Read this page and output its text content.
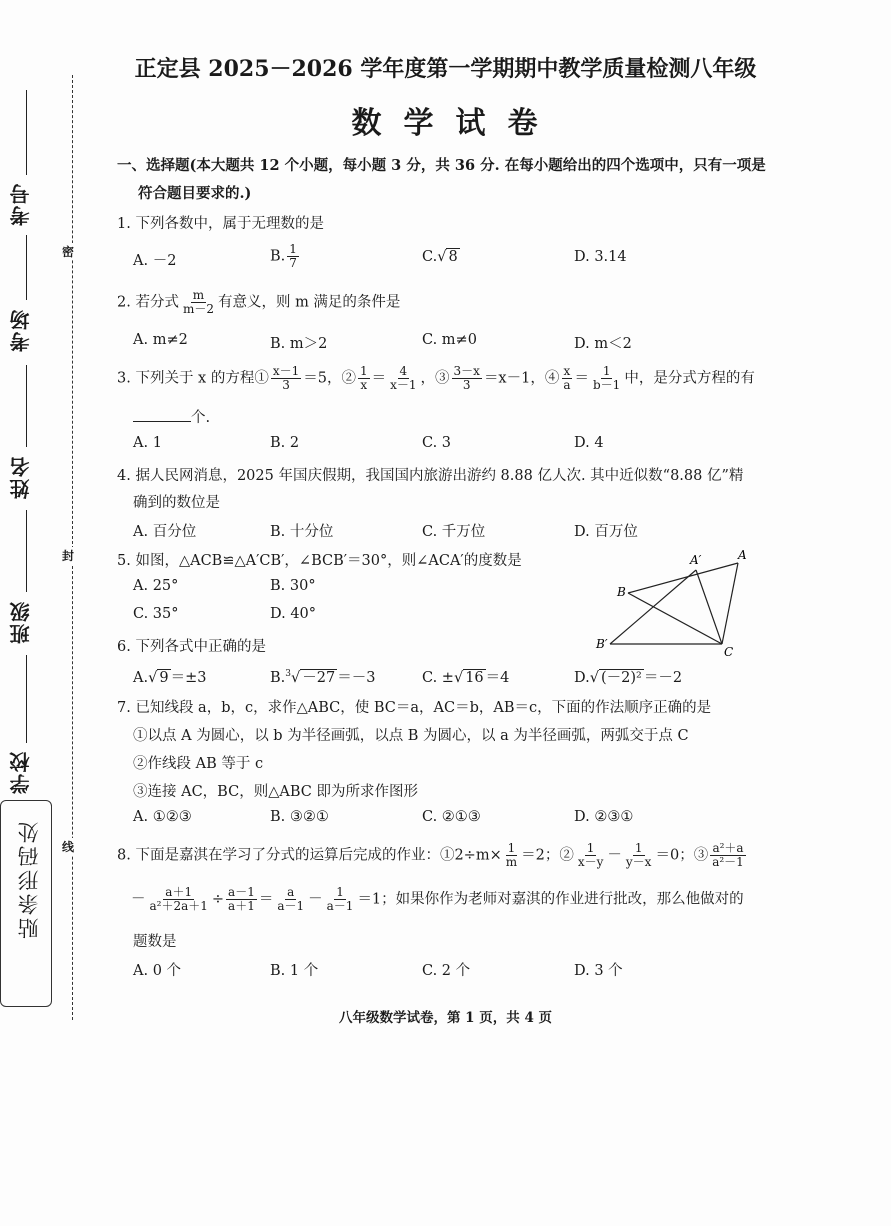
考号
考场
姓名
班级
学校
密
封
线
贴条形码处
正定县 2025－2026 学年度第一学期期中教学质量检测八年级
数学试卷
一、选择题(本大题共 12 个小题，每小题 3 分，共 36 分. 在每小题给出的四个选项中，只有一项是
符合题目要求的.)
1. 下列各数中，属于无理数的是
A. －2	B. $\frac{1}{7}$	C.√ 8	D. 3.14
2. 若分式 $\frac{m}{m-2}$ 有意义，则 m 满足的条件是
A. m≠2	B. m＞2	C. m≠0	D. m＜2
3. 下列关于 x 的方程① $\frac{x-1}{3} =5$，② $\frac{1}{x} = \frac{4}{x-1}$ ，③ $\frac{3-x}{3} =x-1$，④ $\frac{x}{a} = \frac{1}{b-1}$ 中，是分式方程的有
个.
A. 1	B. 2	C. 3	D. 4
4. 据人民网消息，2025 年国庆假期，我国国内旅游出游约 8.88 亿人次. 其中近似数“8.88 亿”精
确到的数位是
A. 百分位	B. 十分位	C. 千万位	D. 百万位
5. 如图，△ACB≌△A′CB′，∠BCB′＝30°，则∠ACA′的度数是
A. 25°	B. 30°
C. 35°	D. 40°
A′	A
B
B′
C
6. 下列各式中正确的是
A.√ 9 ＝±3	B.$^3$√ －27 ＝－3	C. ±√ 16 ＝4	D.√ (－2)² ＝－2
7. 已知线段 a，b，c，求作△ABC，使 BC＝a，AC＝b，AB＝c，下面的作法顺序正确的是
①以点 A 为圆心，以 b 为半径画弧，以点 B 为圆心，以 a 为半径画弧，两弧交于点 C
②作线段 AB 等于 c
③连接 AC，BC，则△ABC 即为所求作图形
A. ①②③	B. ③②①	C. ②①③	D. ②③①
8. 下面是嘉淇在学习了分式的运算后完成的作业：①2÷m× $\frac{1}{m} =2$；② $\frac{1}{x-y} - \frac{1}{y-x} =0$；③ $\frac{\text{a²＋a}}{\text{a²－1}}$
－ $\frac{a+1}{\text{a²＋2a＋1}} \div \frac{a-1}{a+1} = \frac{a}{a-1} - \frac{1}{a-1} =1$；如果你作为老师对嘉淇的作业进行批改，那么他做对的
题数是
A. 0 个	B. 1 个	C. 2 个	D. 3 个
八年级数学试卷，第 1 页，共 4 页
